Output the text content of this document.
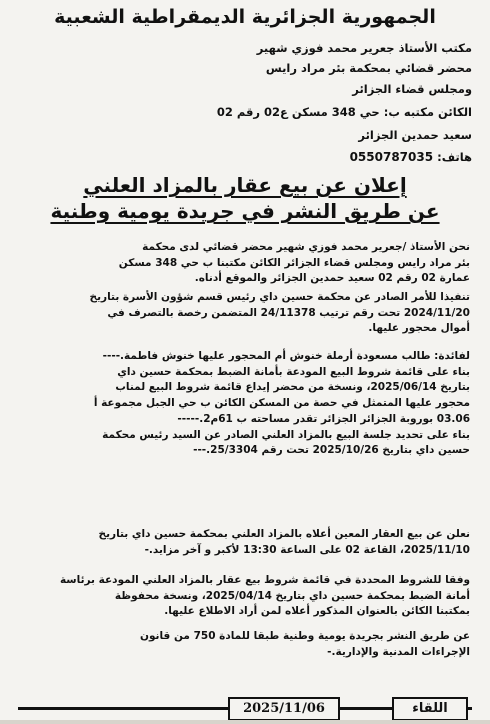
الجمهورية الجزائرية الديمقراطية الشعبية
مكتب الأستاذ جعرير محمد فوزي شهير
محضر قضائي بمحكمة بئر مراد رايس
ومجلس قضاء الجزائر
الكائن مكتبه ب: حي 348 مسكن ع02 رقم 02
سعيد حمدين الجزائر
هاتف: 0550787035
إعلان عن بيع عقار بالمزاد العلني
عن طريق النشر في جريدة يومية وطنية
نحن الأستاذ /جعرير محمد فوزي شهير محضر قضائي لدى محكمة
بئر مراد رايس ومجلس قضاء الجزائر الكائن مكتبنا ب حي 348 مسكن
عمارة 02 رقم 02 سعيد حمدين الجزائر والموقع أدناه.
تنفيذا للأمر الصادر عن محكمة حسين داي رئيس قسم شؤون الأسرة بتاريخ
2024/11/20 تحت رقم ترتيب 24/11378 المتضمن رخصة بالتصرف في
أموال محجور عليها.
لفائدة: طالب مسعودة أرملة خنوش أم المحجور عليها خنوش فاطمة.----
بناء على قائمة شروط البيع المودعة بأمانة الضبط بمحكمة حسين داي
بتاريخ 2025/06/14، ونسخة من محضر إيداع قائمة شروط البيع لمناب
محجور عليها المتمثل في حصة من المسكن الكائن ب حي الجبل مجموعة أ
03.06 بوروبة الجزائر الجزائر تقدر مساحته ب 61م2.-----
بناء على تحديد جلسة البيع بالمزاد العلني الصادر عن السيد رئيس محكمة
حسين داي بتاريخ 2025/10/26 تحت رقم 25/3304.---
نعلن عن بيع العقار المعين أعلاه بالمزاد العلني بمحكمة حسين داي بتاريخ
2025/11/10، القاعة 02 على الساعة 13:30 لأكبر و آخر مزايد.-
وفقا للشروط المحددة في قائمة شروط بيع عقار بالمزاد العلني المودعة برئاسة
أمانة الضبط بمحكمة حسين داي بتاريخ 2025/04/14، ونسخة محفوظة
بمكتبنا الكائن بالعنوان المذكور أعلاه لمن أراد الاطلاع عليها.
عن طريق النشر بجريدة يومية وطنية طبقا للمادة 750 من قانون
الإجراءات المدنية والإدارية.-
اللقاء
2025/11/06
